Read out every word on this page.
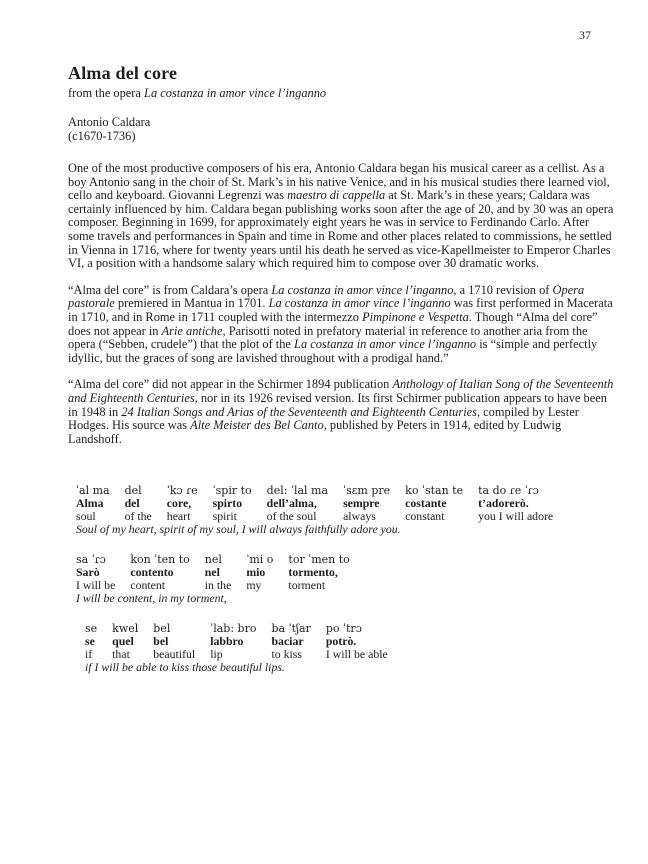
37
Alma del core
from the opera La costanza in amor vince l’inganno
Antonio Caldara
(c1670-1736)

One of the most productive composers of his era, Antonio Caldara began his musical career as a cellist. As a boy Antonio sang in the choir of St. Mark’s in his native Venice, and in his musical studies there learned viol, cello and keyboard. Giovanni Legrenzi was maestro di cappella at St. Mark’s in these years; Caldara was certainly influenced by him. Caldara began publishing works soon after the age of 20, and by 30 was an opera composer. Beginning in 1699, for approximately eight years he was in service to Ferdinando Carlo. After some travels and performances in Spain and time in Rome and other places related to commissions, he settled in Vienna in 1716, where for twenty years until his death he served as vice-Kapellmeister to Emperor Charles VI, a position with a handsome salary which required him to compose over 30 dramatic works.

“Alma del core” is from Caldara’s opera La costanza in amor vince l’inganno, a 1710 revision of Opera pastorale premiered in Mantua in 1701. La costanza in amor vince l’inganno was first performed in Macerata in 1710, and in Rome in 1711 coupled with the intermezzo Pimpinone e Vespetta. Though “Alma del core” does not appear in Arie antiche, Parisotti noted in prefatory material in reference to another aria from the opera (“Sebben, crudele”) that the plot of the La costanza in amor vince l’inganno is “simple and perfectly idyllic, but the graces of song are lavished throughout with a prodigal hand.”

“Alma del core” did not appear in the Schirmer 1894 publication Anthology of Italian Song of the Seventeenth and Eighteenth Centuries, nor in its 1926 revised version. Its first Schirmer publication appears to have been in 1948 in 24 Italian Songs and Arias of the Seventeenth and Eighteenth Centuries, compiled by Lester Hodges. His source was Alte Meister des Bel Canto, published by Peters in 1914, edited by Ludwig Landshoff.

ˈal ma
Alma
soul
del
del
of the
ˈkɔ ɾe
core,
heart
ˈspir to
spirto
spirit
del: ˈlal ma
dell’alma,
of the soul
ˈsɛm pre
sempre
always
ko ˈstan te
costante
constant
ta do ɾe ˈɾɔ
t’adorerò.
you I will adore
Soul of my heart, spirit of my soul, I will always faithfully adore you.
sa ˈɾɔ
Sarò
I will be
kon ˈten to
contento
content
nel
nel
in the
ˈmi o
mio
my
tor ˈmen to
tormento,
torment
I will be content, in my torment,
se
se
if
kwel
quel
that
bel
bel
beautiful
ˈlab: bro
labbro
lip
ba ˈtʃar
baciar
to kiss
po ˈtrɔ
potrò.
I will be able
if I will be able to kiss those beautiful lips.
